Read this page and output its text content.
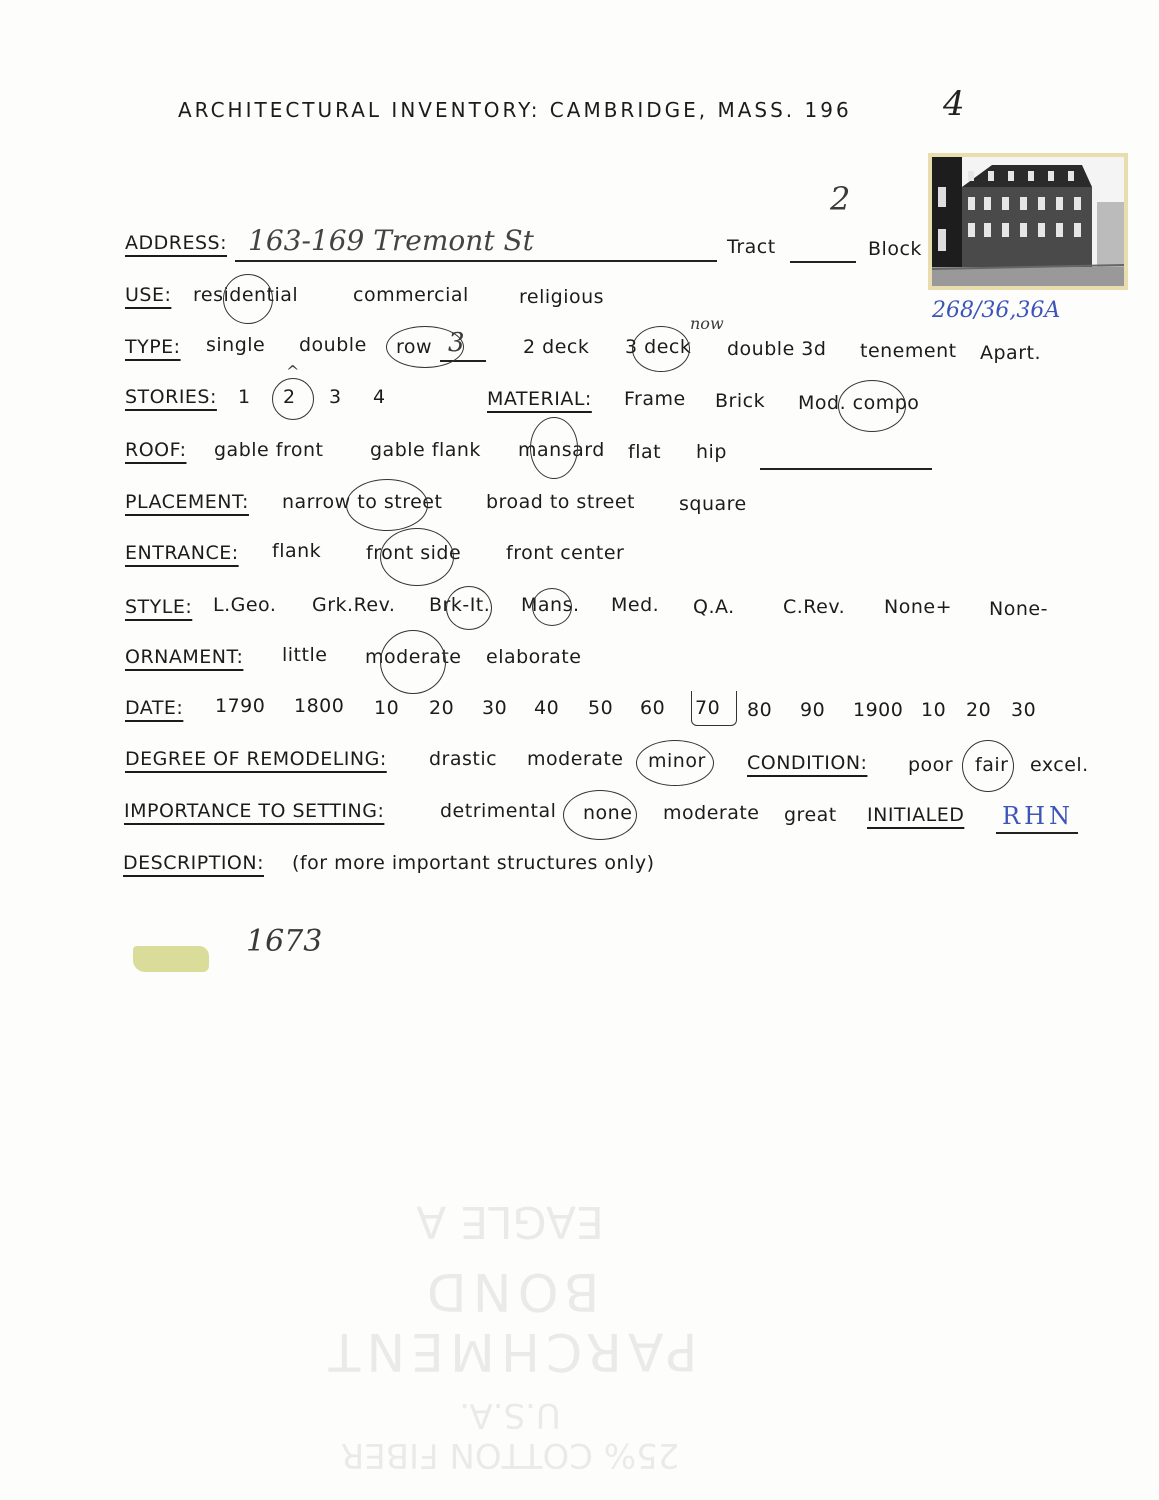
25% COTTON FIBER U.S.A.
PARCHMENT BOND
EAGLE A
ARCHITECTURAL INVENTORY: CAMBRIDGE, MASS. 196	4
2
268/36,36A
ADDRESS: 163-169 Tremont St	Tract	Block
USE: residential	commercial	religious
TYPE: single double row 3	2 deck 3 deck
now
double 3d tenement Apart.
STORIES: 1 2
^
3 4	MATERIAL: Frame Brick Mod. compo
ROOF: gable front gable flank mansard flat hip
PLACEMENT: narrow to street broad to street square
ENTRANCE: flank front side front center
STYLE: L.Geo. Grk.Rev. Brk-It. Mans. Med. Q.A.	C.Rev. None+ None-
ORNAMENT: little moderate elaborate
DATE: 1790 1800 10 20 30 40 50 60 70 80 90 1900 10 20 30
DEGREE OF REMODELING: drastic moderate minor CONDITION: poor fair excel.
IMPORTANCE TO SETTING:	detrimental none moderate great INITIALED RHN
DESCRIPTION: (for more important structures only)
1673
